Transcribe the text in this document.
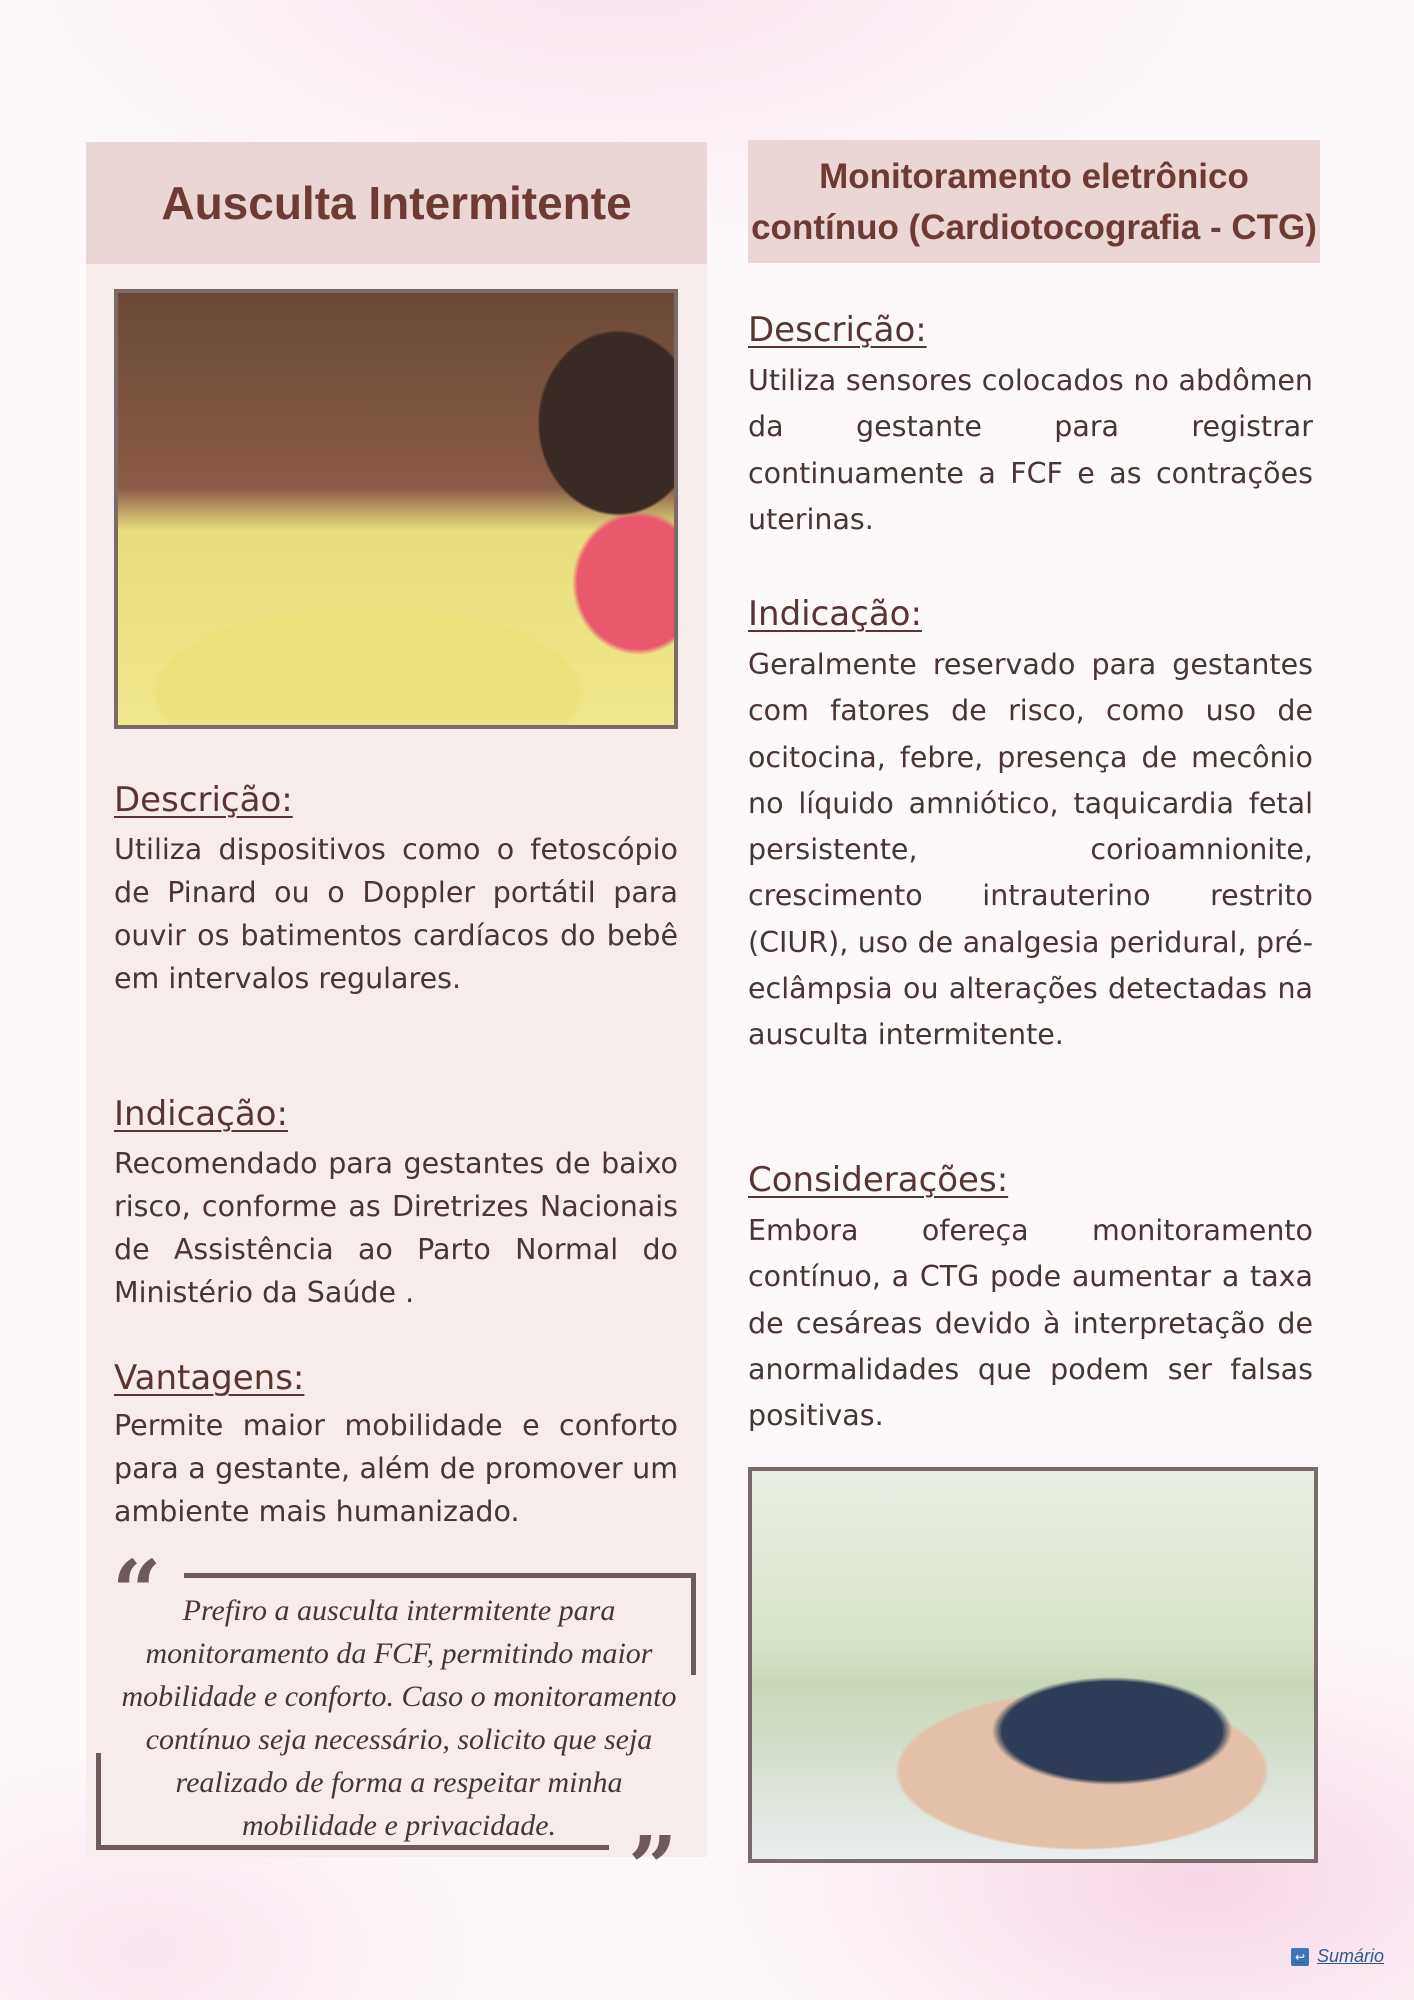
Ausculta Intermitente
Monitoramento eletrônico
contínuo (Cardiotocografia - CTG)
Descrição:

Utiliza dispositivos como o fetoscópio de Pinard ou o Doppler portátil para ouvir os batimentos cardíacos do bebê em intervalos regulares.

Indicação:

Recomendado para gestantes de baixo risco, conforme as Diretrizes Nacionais de Assistência ao Parto Normal do Ministério da Saúde .

Vantagens:

Permite maior mobilidade e conforto para a gestante, além de promover um ambiente mais humanizado.

“
”

Prefiro a ausculta intermitente para
monitoramento da FCF, permitindo maior
mobilidade e conforto. Caso o monitoramento
contínuo seja necessário, solicito que seja
realizado de forma a respeitar minha
mobilidade e privacidade.

Descrição:

Utiliza sensores colocados no abdômen da gestante para registrar continuamente a FCF e as contrações uterinas.

Indicação:

Geralmente reservado para gestantes com fatores de risco, como uso de ocitocina, febre, presença de mecônio no líquido amniótico, taquicardia fetal persistente, corioamnionite, crescimento intrauterino restrito (CIUR), uso de analgesia peridural, pré-eclâmpsia ou alterações detectadas na ausculta intermitente.

Considerações:

Embora ofereça monitoramento contínuo, a CTG pode aumentar a taxa de cesáreas devido à interpretação de anormalidades que podem ser falsas positivas.

↩ Sumário
